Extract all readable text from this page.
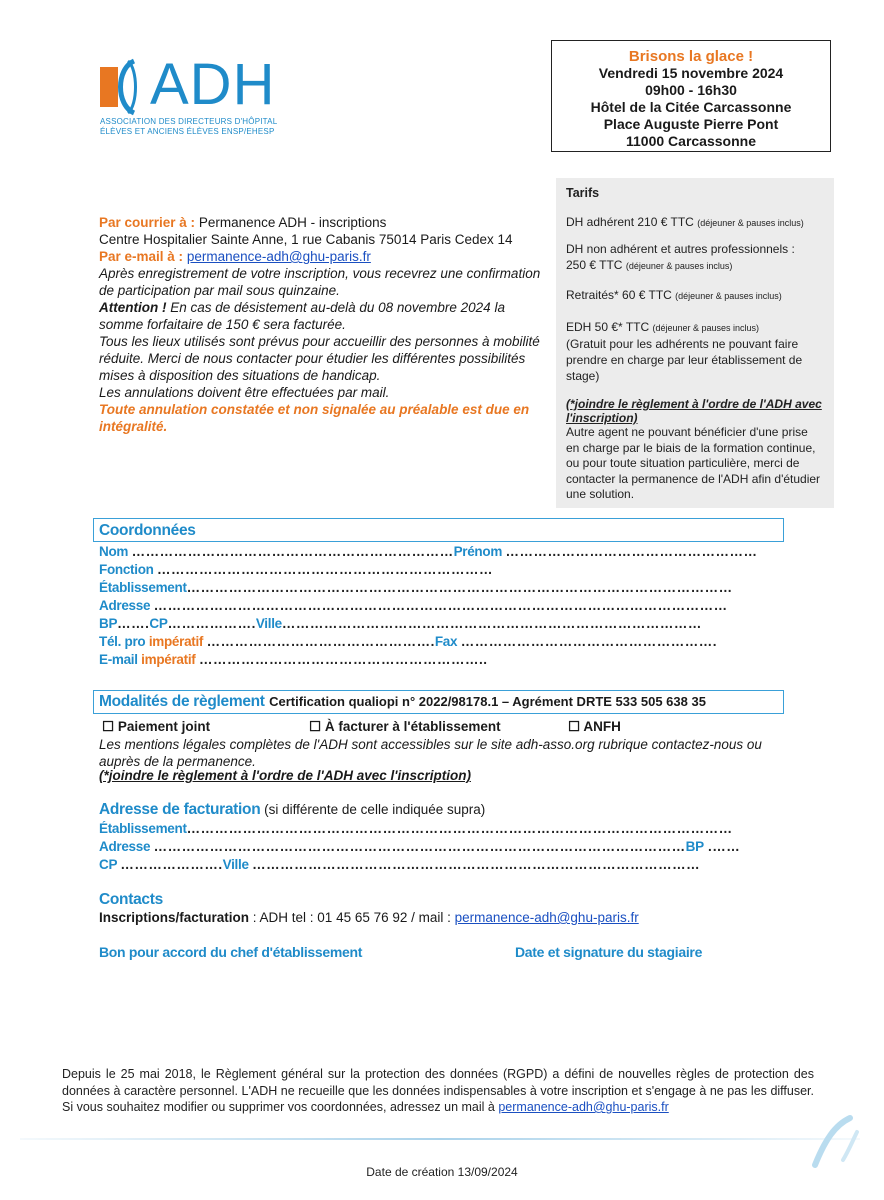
ADH
ASSOCIATION DES DIRECTEURS D'HÔPITAL
ÉLÈVES ET ANCIENS ÉLÈVES ENSP/EHESP
Brisons la glace !
Vendredi 15 novembre 2024
09h00 - 16h30
Hôtel de la Citée Carcassonne
Place Auguste Pierre Pont
11000 Carcassonne

Tarifs

DH adhérent 210 € TTC (déjeuner & pauses inclus)

DH non adhérent et autres professionnels :

250 € TTC (déjeuner & pauses inclus)

Retraités* 60 € TTC (déjeuner & pauses inclus)

EDH 50 €* TTC (déjeuner & pauses inclus)

(Gratuit pour les adhérents ne pouvant faire prendre en charge par leur établissement de stage)

(*joindre le règlement à l'ordre de l'ADH avec l'inscription)

Autre agent ne pouvant bénéficier d'une prise en charge par le biais de la formation continue, ou pour toute situation particulière, merci de contacter la permanence de l'ADH afin d'étudier une solution.

Par courrier à : Permanence ADH - inscriptions

Centre Hospitalier Sainte Anne, 1 rue Cabanis 75014 Paris Cedex 14

Par e-mail à : permanence-adh@ghu-paris.fr

Après enregistrement de votre inscription, vous recevrez une confirmation de participation par mail sous quinzaine.

Attention ! En cas de désistement au-delà du 08 novembre 2024 la somme forfaitaire de 150 € sera facturée.

Tous les lieux utilisés sont prévus pour accueillir des personnes à mobilité réduite. Merci de nous contacter pour étudier les différentes possibilités mises à disposition des situations de handicap.

Les annulations doivent être effectuées par mail.

Toute annulation constatée et non signalée au préalable est due en intégralité.

Coordonnées
Nom ……………………………………………………………Prénom ………………………………………………
Fonction ………………………………………………………………
Établissement………………………………………………………………………………………………………
Adresse ……………………………………………………………………………………………………………
BP…….CP……………….Ville………………………………………………………………………………
Tél. pro impératif ………………………………………….Fax ……………………………………………….
E-mail impératif ……………………………………………………..
Modalités de règlement Certification qualiopi n° 2022/98178.1 – Agrément DRTE 533 505 638 35
☐ Paiement joint	☐ À facturer à l'établissement	☐ ANFH
Les mentions légales complètes de l'ADH sont accessibles sur le site adh-asso.org rubrique contactez-nous ou auprès de la permanence.
(*joindre le règlement à l'ordre de l'ADH avec l'inscription)
Adresse de facturation (si différente de celle indiquée supra)
Établissement………………………………………………………………………………………………………
Adresse ……………………………………………………………………………………………………BP .……
CP ………………….Ville ……………………………………………………………………………………
Contacts
Inscriptions/facturation : ADH tel : 01 45 65 76 92 / mail : permanence-adh@ghu-paris.fr
Bon pour accord du chef d'établissement	Date et signature du stagiaire
Depuis le 25 mai 2018, le Règlement général sur la protection des données (RGPD) a défini de nouvelles règles de protection des données à caractère personnel. L'ADH ne recueille que les données indispensables à votre inscription et s'engage à ne pas les diffuser. Si vous souhaitez modifier ou supprimer vos coordonnées, adressez un mail à permanence-adh@ghu-paris.fr
Date de création 13/09/2024
